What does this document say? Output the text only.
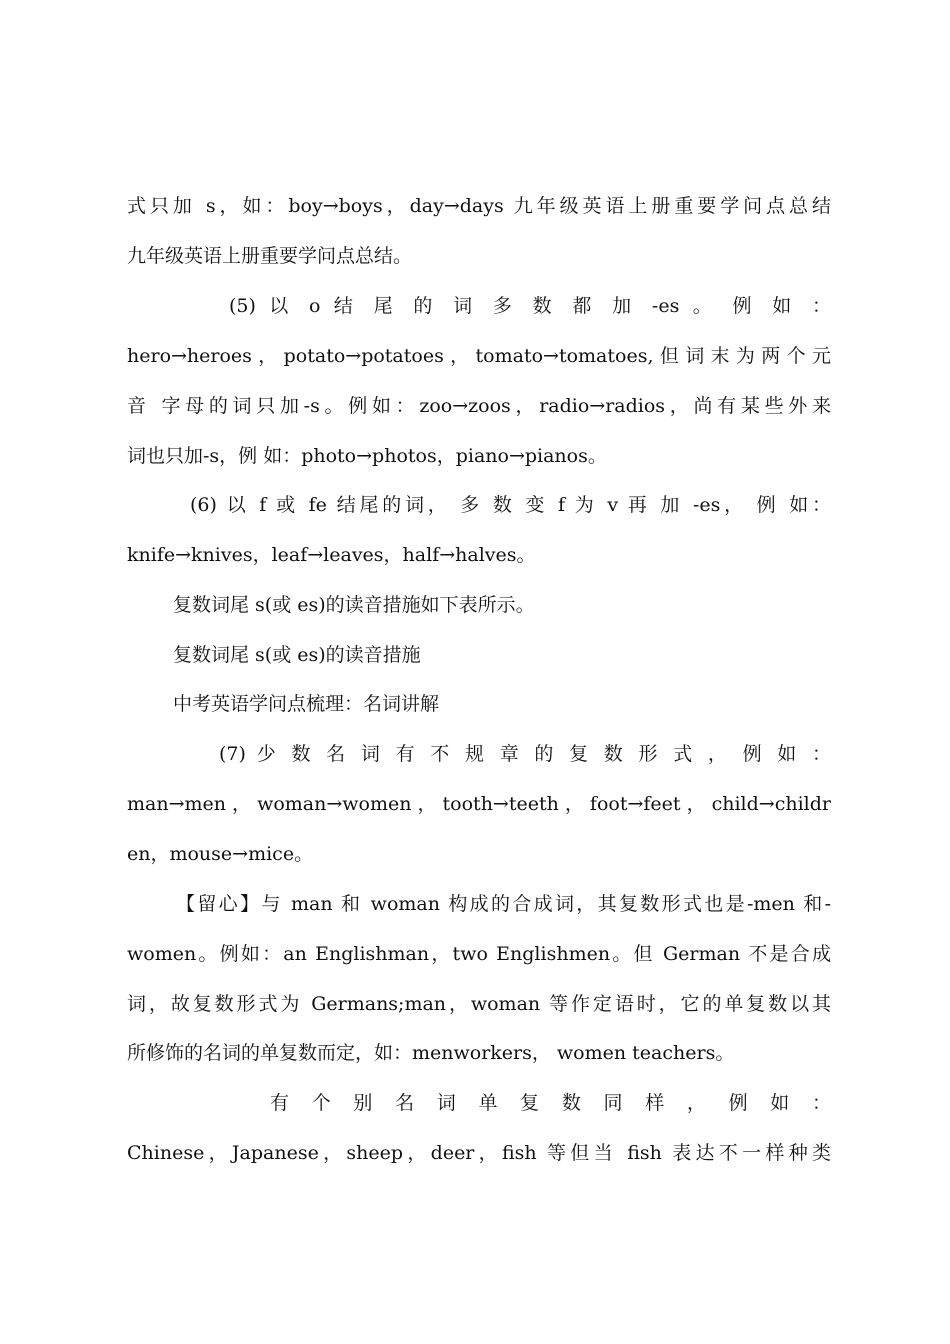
式只加 s，如：boy→boys，day→days 九年级英语上册重要学问点总结
九年级英语上册重要学问点总结。
(5) 以 o 结 尾 的 词 多 数 都 加 -es 。 例 如 ：
hero→heroes，potato→potatoes，tomato→tomatoes,但词末为两个元
音 字母的词只加-s。例如：zoo→zoos，radio→radios，尚有某些外来
词也只加-s，例 如：photo→photos，piano→pianos。
(6) 以 f 或 fe 结尾的词， 多 数 变 f 为 v 再 加 -es， 例 如：
knife→knives，leaf→leaves，half→halves。
复数词尾 s(或 es)的读音措施如下表所示。
复数词尾 s(或 es)的读音措施
中考英语学问点梳理：名词讲解
(7) 少 数 名 词 有 不 规 章 的 复 数 形 式 ， 例 如 ：
man→men，woman→women，tooth→teeth，foot→feet，child→childr
en，mouse→mice。
【留心】与 man 和 woman 构成的合成词，其复数形式也是-men 和-
women。例如：an Englishman，two Englishmen。但 German 不是合成
词，故复数形式为 Germans;man，woman 等作定语时，它的单复数以其
所修饰的名词的单复数而定，如：menworkers， women teachers。
有 个 别 名 词 单 复 数 同 样 ， 例 如 ：
Chinese，Japanese，sheep，deer，fish 等但当 fish 表达不一样种类
